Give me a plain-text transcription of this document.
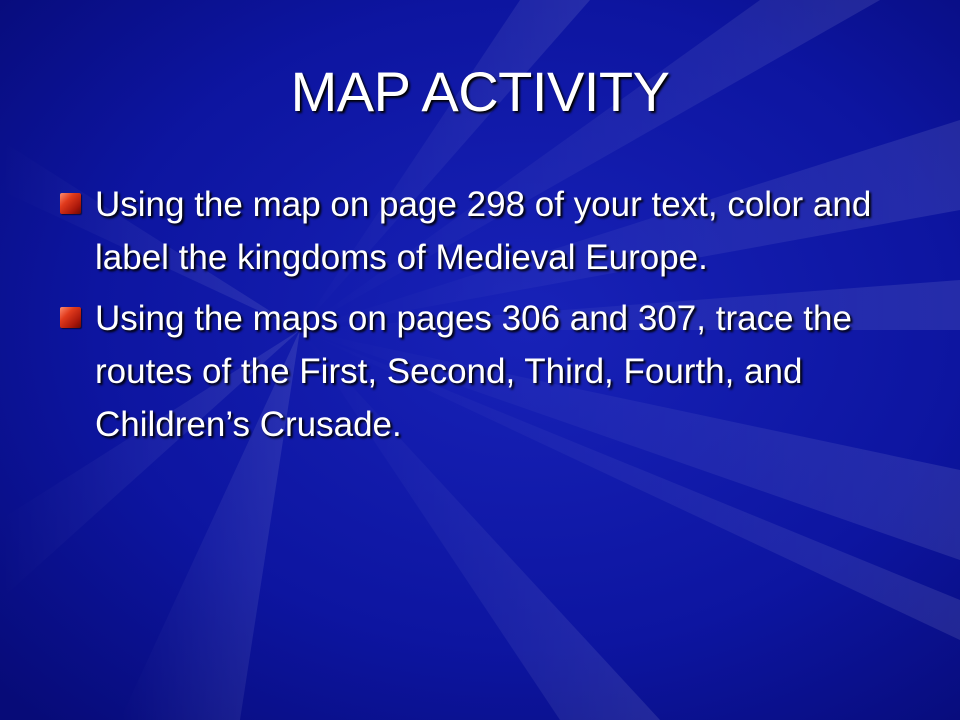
MAP ACTIVITY
Using the map on page 298 of your text, color and label the kingdoms of Medieval Europe.
Using the maps on pages 306 and 307, trace the routes of the First, Second, Third, Fourth, and Children’s Crusade.
